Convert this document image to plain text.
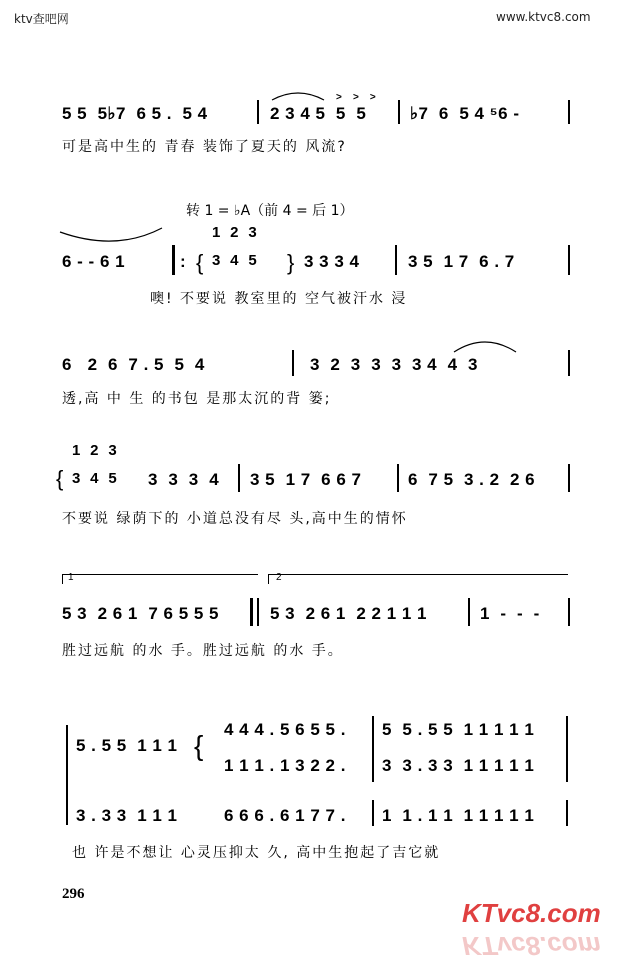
ktv查吧网	www.ktvc8.com
5 5  5♭7  6 5 .  5 4	2 3 4 5  5  5
>    >    >
♭7  6  5 4 ⁵6 -
可是高中生的 青春 装饰了夏天的 风流?
转 1 = ♭A（前 4 = 后 1）
6 - - 6 1	:
1  2  3

3  4  5
{	} 3 3 3 4	3 5  1 7  6 . 7
噢! 不要说 教室里的 空气被汗水 浸
6   2  6  7 . 5  5  4	3  2  3  3  3  3 4  4  3
透,高 中 生 的书包 是那太沉的背 篓;
1  2  3

3  4  5
{	3  3  3  4 3 5  1 7  6 6 7	6  7 5  3 . 2  2 6
不要说 绿荫下的 小道总没有尽 头,高中生的情怀
1	2
5 3  2 6 1  7 6 5 5 5	5 3  2 6 1  2 2 1 1 1	1  -  -  -
胜过远航 的水 手。胜过远航 的水 手。
5 . 5 5  1 1 1 {
4 4 4 . 5 6 5 5 .
1 1 1 . 1 3 2 2 .
5  5 . 5 5  1 1 1 1 1
3  3 . 3 3  1 1 1 1 1
3 . 3 3  1 1 1	6 6 6 . 6 1 7 7 . 1  1 . 1 1  1 1 1 1 1
也 许是不想让 心灵压抑太 久, 高中生抱起了吉它就
296
KTvc8.com
KTvc8.com
